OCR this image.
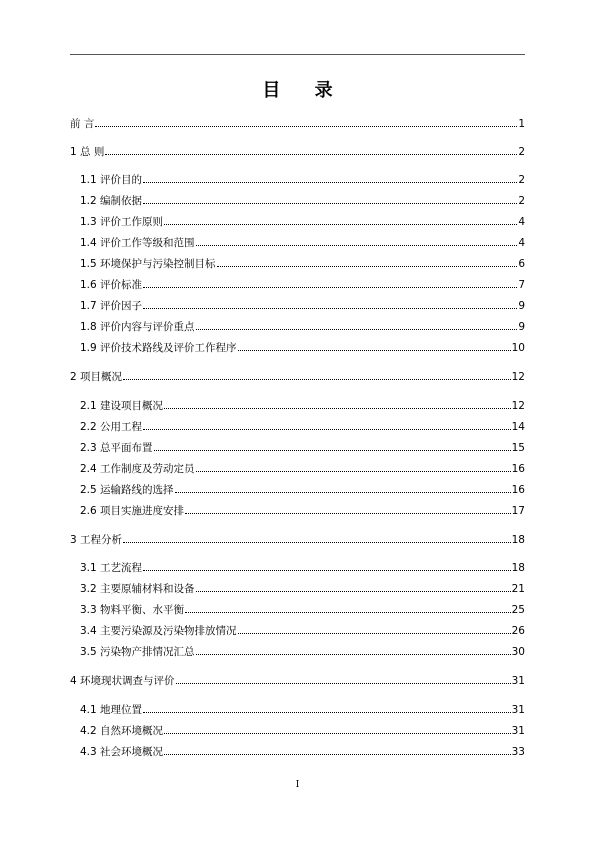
目 录
前 言	1
1 总 则	2
1.1 评价目的	2
1.2 编制依据	2
1.3 评价工作原则	4
1.4 评价工作等级和范围	4
1.5 环境保护与污染控制目标	6
1.6 评价标准	7
1.7 评价因子	9
1.8 评价内容与评价重点	9
1.9 评价技术路线及评价工作程序	10
2 项目概况	12
2.1 建设项目概况	12
2.2 公用工程	14
2.3 总平面布置	15
2.4 工作制度及劳动定员	16
2.5 运输路线的选择	16
2.6 项目实施进度安排	17
3 工程分析	18
3.1 工艺流程	18
3.2 主要原辅材料和设备	21
3.3 物料平衡、水平衡	25
3.4 主要污染源及污染物排放情况	26
3.5 污染物产排情况汇总	30
4 环境现状调查与评价	31
4.1 地理位置	31
4.2 自然环境概况	31
4.3 社会环境概况	33
I
